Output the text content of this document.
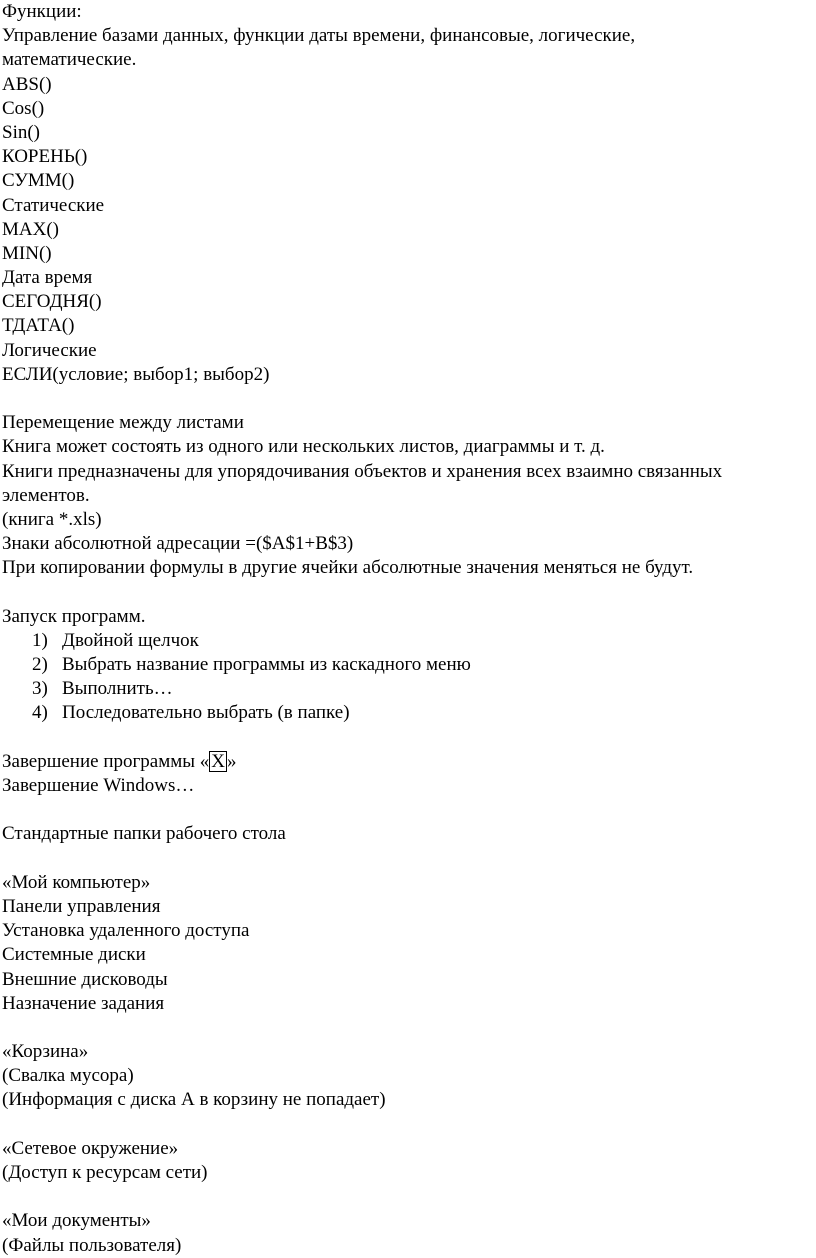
Функции:
Управление базами данных, функции даты времени, финансовые, логические,
математические.
ABS()
Cos()
Sin()
КОРЕНЬ()
СУММ()
Статические
MAX()
MIN()
Дата время
СЕГОДНЯ()
ТДАТА()
Логические
ЕСЛИ(условие; выбор1; выбор2)
Перемещение между листами
Книга может состоять из одного или нескольких листов, диаграммы и т. д.
Книги предназначены для упорядочивания объектов и хранения всех взаимно связанных
элементов.
(книга *.xls)
Знаки абсолютной адресации =($A$1+B$3)
При копировании формулы в другие ячейки абсолютные значения меняться не будут.
Запуск программ.
1) Двойной щелчок
2) Выбрать название программы из каскадного меню
3) Выполнить…
4) Последовательно выбрать (в папке)
Завершение программы « X »
Завершение Windows…
Стандартные папки рабочего стола
«Мой компьютер»
Панели управления
Установка удаленного доступа
Системные диски
Внешние дисководы
Назначение задания
«Корзина»
(Свалка мусора)
(Информация с диска А в корзину не попадает)
«Сетевое окружение»
(Доступ к ресурсам сети)
«Мои документы»
(Файлы пользователя)
